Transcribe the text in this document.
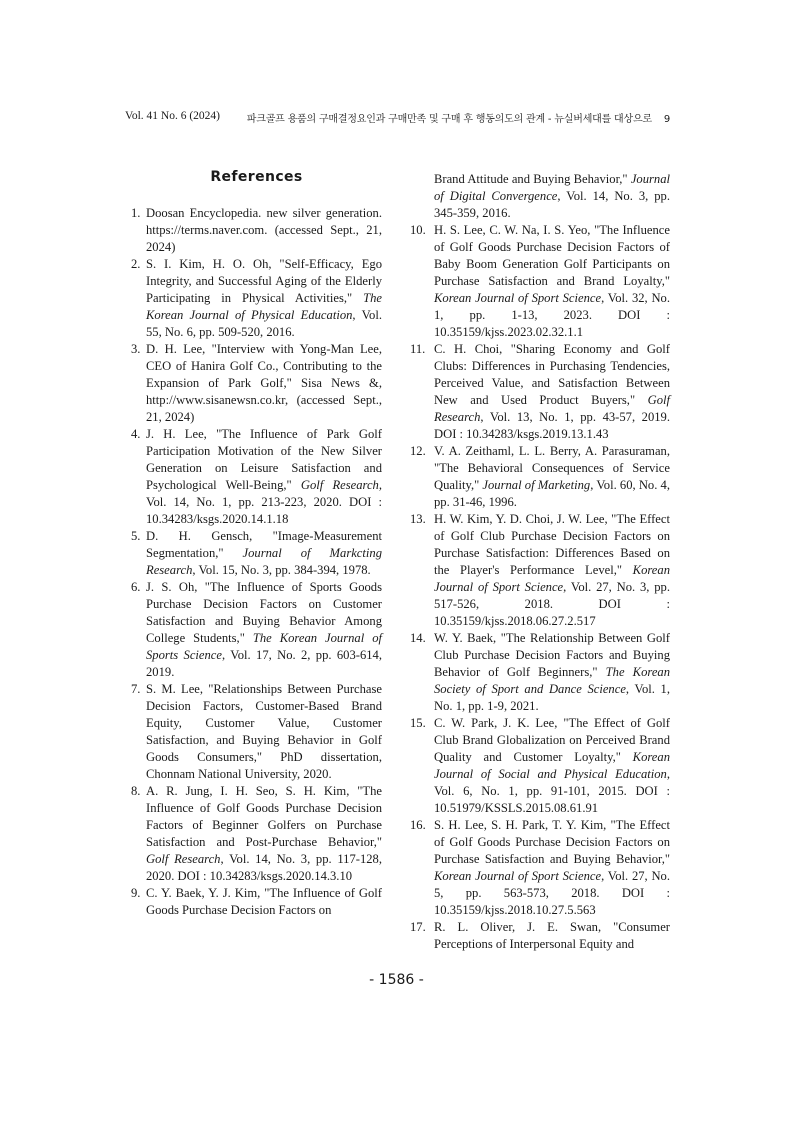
Vol. 41 No. 6 (2024)	파크골프 용품의 구매결정요인과 구매만족 및 구매 후 행동의도의 관계 - 뉴실버세대를 대상으로 9
References
1. Doosan Encyclopedia. new silver generation. https://terms.naver.com. (accessed Sept., 21, 2024)
2. S. I. Kim, H. O. Oh, "Self-Efficacy, Ego Integrity, and Successful Aging of the Elderly Participating in Physical Activities," The Korean Journal of Physical Education, Vol. 55, No. 6, pp. 509-520, 2016.
3. D. H. Lee, "Interview with Yong-Man Lee, CEO of Hanira Golf Co., Contributing to the Expansion of Park Golf," Sisa News &, http://www.sisanewsn.co.kr, (accessed Sept., 21, 2024)
4. J. H. Lee, "The Influence of Park Golf Participation Motivation of the New Silver Generation on Leisure Satisfaction and Psychological Well-Being," Golf Research, Vol. 14, No. 1, pp. 213-223, 2020. DOI : 10.34283/ksgs.2020.14.1.18
5. D. H. Gensch, "Image-Measurement Segmentation," Journal of Markcting Research, Vol. 15, No. 3, pp. 384-394, 1978.
6. J. S. Oh, "The Influence of Sports Goods Purchase Decision Factors on Customer Satisfaction and Buying Behavior Among College Students," The Korean Journal of Sports Science, Vol. 17, No. 2, pp. 603-614, 2019.
7. S. M. Lee, "Relationships Between Purchase Decision Factors, Customer-Based Brand Equity, Customer Value, Customer Satisfaction, and Buying Behavior in Golf Goods Consumers," PhD dissertation, Chonnam National University, 2020.
8. A. R. Jung, I. H. Seo, S. H. Kim, "The Influence of Golf Goods Purchase Decision Factors of Beginner Golfers on Purchase Satisfaction and Post-Purchase Behavior," Golf Research, Vol. 14, No. 3, pp. 117-128, 2020. DOI : 10.34283/ksgs.2020.14.3.10
9. C. Y. Baek, Y. J. Kim, "The Influence of Golf Goods Purchase Decision Factors on
Brand Attitude and Buying Behavior," Journal of Digital Convergence, Vol. 14, No. 3, pp. 345-359, 2016.
10. H. S. Lee, C. W. Na, I. S. Yeo, "The Influence of Golf Goods Purchase Decision Factors of Baby Boom Generation Golf Participants on Purchase Satisfaction and Brand Loyalty," Korean Journal of Sport Science, Vol. 32, No. 1, pp. 1-13, 2023. DOI : 10.35159/kjss.2023.02.32.1.1
11. C. H. Choi, "Sharing Economy and Golf Clubs: Differences in Purchasing Tendencies, Perceived Value, and Satisfaction Between New and Used Product Buyers," Golf Research, Vol. 13, No. 1, pp. 43-57, 2019. DOI : 10.34283/ksgs.2019.13.1.43
12. V. A. Zeithaml, L. L. Berry, A. Parasuraman, "The Behavioral Consequences of Service Quality," Journal of Marketing, Vol. 60, No. 4, pp. 31-46, 1996.
13. H. W. Kim, Y. D. Choi, J. W. Lee, "The Effect of Golf Club Purchase Decision Factors on Purchase Satisfaction: Differences Based on the Player's Performance Level," Korean Journal of Sport Science, Vol. 27, No. 3, pp. 517-526, 2018. DOI : 10.35159/kjss.2018.06.27.2.517
14. W. Y. Baek, "The Relationship Between Golf Club Purchase Decision Factors and Buying Behavior of Golf Beginners," The Korean Society of Sport and Dance Science, Vol. 1, No. 1, pp. 1-9, 2021.
15. C. W. Park, J. K. Lee, "The Effect of Golf Club Brand Globalization on Perceived Brand Quality and Customer Loyalty," Korean Journal of Social and Physical Education, Vol. 6, No. 1, pp. 91-101, 2015. DOI : 10.51979/KSSLS.2015.08.61.91
16. S. H. Lee, S. H. Park, T. Y. Kim, "The Effect of Golf Goods Purchase Decision Factors on Purchase Satisfaction and Buying Behavior," Korean Journal of Sport Science, Vol. 27, No. 5, pp. 563-573, 2018. DOI : 10.35159/kjss.2018.10.27.5.563
17. R. L. Oliver, J. E. Swan, "Consumer Perceptions of Interpersonal Equity and
- 1586 -
